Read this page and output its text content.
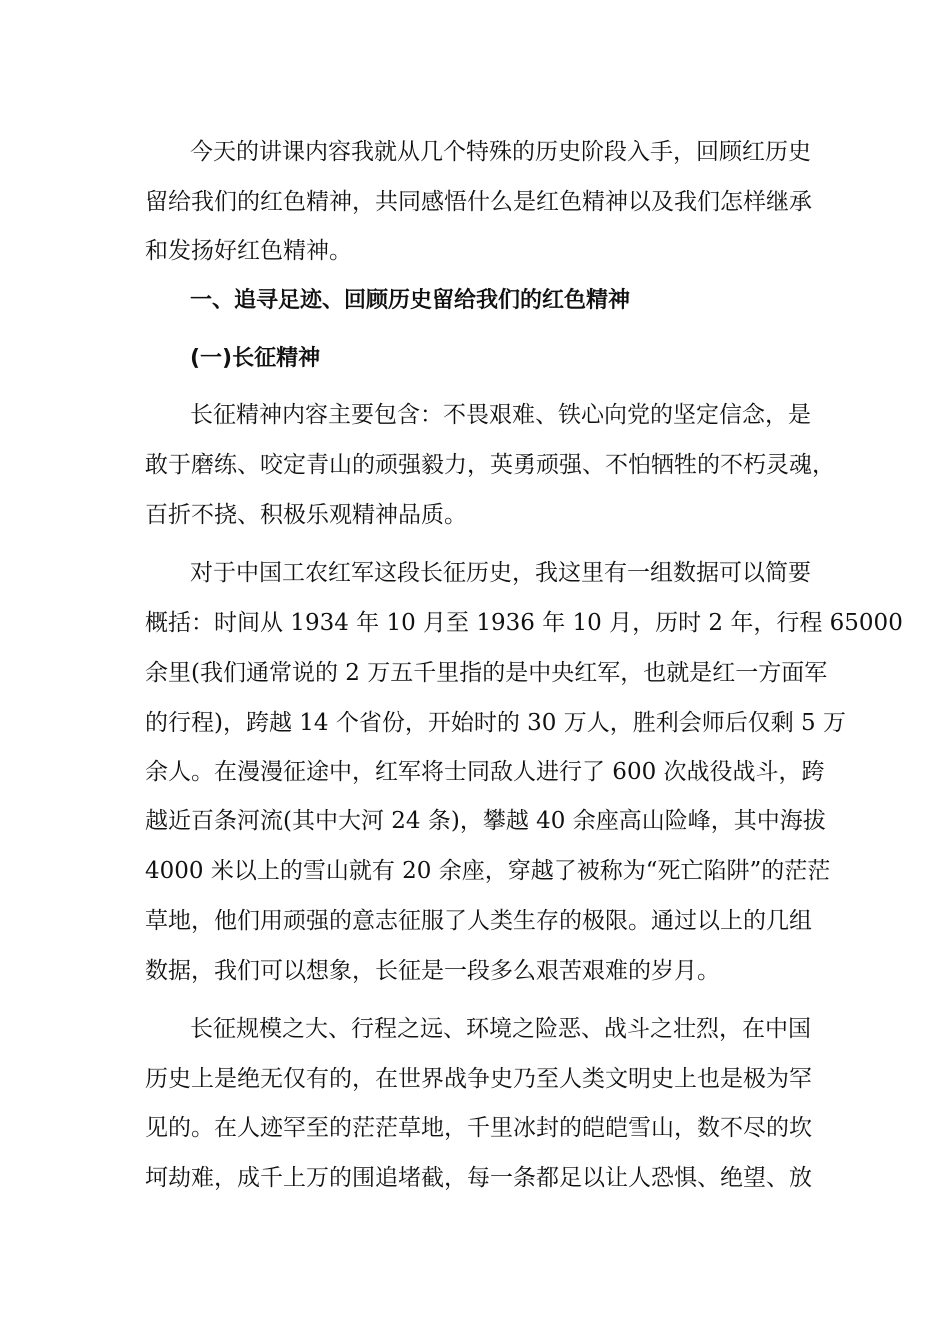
今天的讲课内容我就从几个特殊的历史阶段入手，回顾红历史

留给我们的红色精神，共同感悟什么是红色精神以及我们怎样继承

和发扬好红色精神。

一、追寻足迹、回顾历史留给我们的红色精神

(一)长征精神

长征精神内容主要包含：不畏艰难、铁心向党的坚定信念，是

敢于磨练、咬定青山的顽强毅力，英勇顽强、不怕牺牲的不朽灵魂，

百折不挠、积极乐观精神品质。

对于中国工农红军这段长征历史，我这里有一组数据可以简要

概括：时间从 1934 年 10 月至 1936 年 10 月，历时 2 年，行程 65000

余里(我们通常说的 2 万五千里指的是中央红军，也就是红一方面军

的行程)，跨越 14 个省份，开始时的 30 万人，胜利会师后仅剩 5 万

余人。在漫漫征途中，红军将士同敌人进行了 600 次战役战斗，跨

越近百条河流(其中大河 24 条)，攀越 40 余座高山险峰，其中海拔

4000 米以上的雪山就有 20 余座，穿越了被称为“死亡陷阱”的茫茫

草地，他们用顽强的意志征服了人类生存的极限。通过以上的几组

数据，我们可以想象，长征是一段多么艰苦艰难的岁月。

长征规模之大、行程之远、环境之险恶、战斗之壮烈，在中国

历史上是绝无仅有的，在世界战争史乃至人类文明史上也是极为罕

见的。在人迹罕至的茫茫草地，千里冰封的皑皑雪山，数不尽的坎

坷劫难，成千上万的围追堵截，每一条都足以让人恐惧、绝望、放
